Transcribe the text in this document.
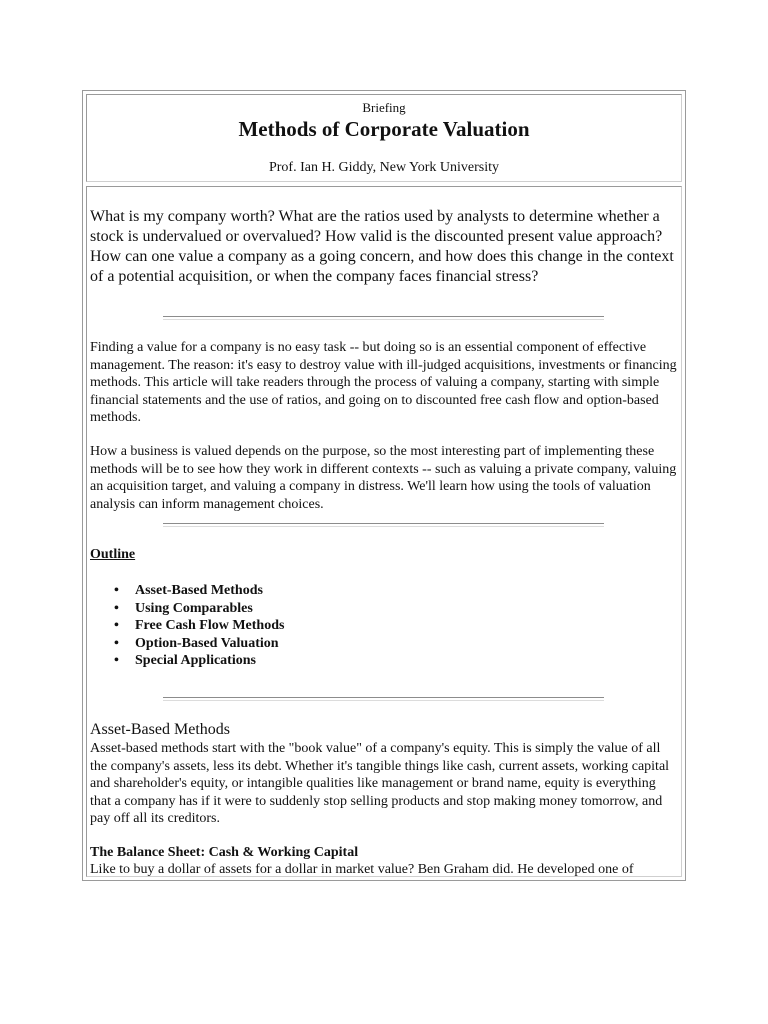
Briefing
Methods of Corporate Valuation
Prof. Ian H. Giddy, New York University

What is my company worth? What are the ratios used by analysts to determine whether a stock is undervalued or overvalued? How valid is the discounted present value approach? How can one value a company as a going concern, and how does this change in the context of a potential acquisition, or when the company faces financial stress?

Finding a value for a company is no easy task -- but doing so is an essential component of effective management. The reason: it's easy to destroy value with ill-judged acquisitions, investments or financing methods. This article will take readers through the process of valuing a company, starting with simple financial statements and the use of ratios, and going on to discounted free cash flow and option-based methods.

How a business is valued depends on the purpose, so the most interesting part of implementing these methods will be to see how they work in different contexts -- such as valuing a private company, valuing an acquisition target, and valuing a company in distress. We'll learn how using the tools of valuation analysis can inform management choices.

Outline

• Asset-Based Methods
• Using Comparables
• Free Cash Flow Methods
• Option-Based Valuation
• Special Applications

Asset-Based Methods

Asset-based methods start with the "book value" of a company's equity. This is simply the value of all the company's assets, less its debt. Whether it's tangible things like cash, current assets, working capital and shareholder's equity, or intangible qualities like management or brand name, equity is everything that a company has if it were to suddenly stop selling products and stop making money tomorrow, and pay off all its creditors.

The Balance Sheet: Cash & Working Capital

Like to buy a dollar of assets for a dollar in market value? Ben Graham did. He developed one of
